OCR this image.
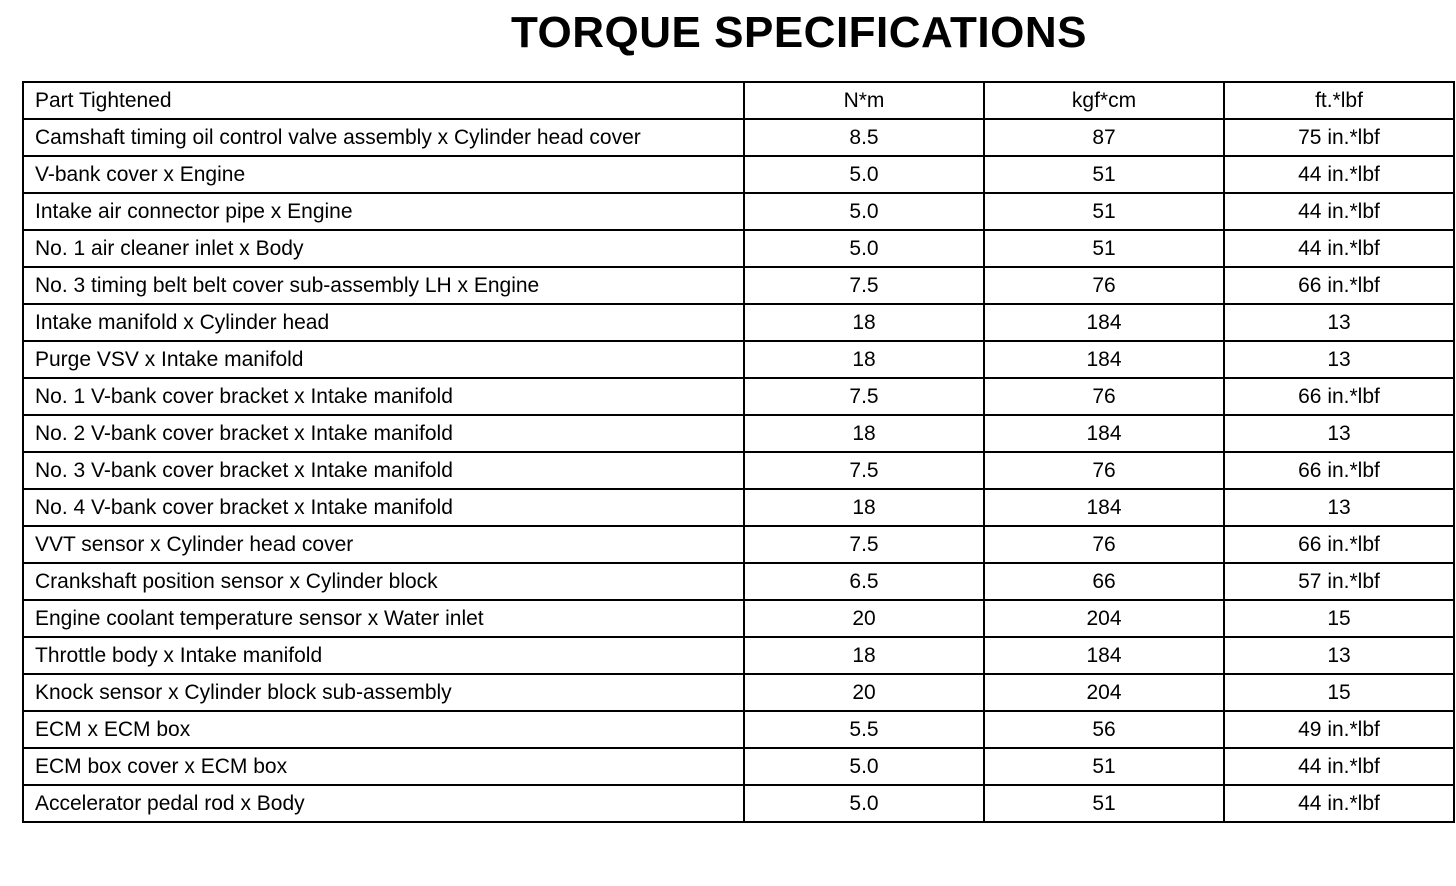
TORQUE SPECIFICATIONS
Part Tightened	N*m	kgf*cm	ft.*lbf
Camshaft timing oil control valve assembly x Cylinder head cover	8.5	87	75 in.*lbf
V-bank cover x Engine	5.0	51	44 in.*lbf
Intake air connector pipe x Engine	5.0	51	44 in.*lbf
No. 1 air cleaner inlet x Body	5.0	51	44 in.*lbf
No. 3 timing belt belt cover sub-assembly LH x Engine	7.5	76	66 in.*lbf
Intake manifold x Cylinder head	18	184	13
Purge VSV x Intake manifold	18	184	13
No. 1 V-bank cover bracket x Intake manifold	7.5	76	66 in.*lbf
No. 2 V-bank cover bracket x Intake manifold	18	184	13
No. 3 V-bank cover bracket x Intake manifold	7.5	76	66 in.*lbf
No. 4 V-bank cover bracket x Intake manifold	18	184	13
VVT sensor x Cylinder head cover	7.5	76	66 in.*lbf
Crankshaft position sensor x Cylinder block	6.5	66	57 in.*lbf
Engine coolant temperature sensor x Water inlet	20	204	15
Throttle body x Intake manifold	18	184	13
Knock sensor x Cylinder block sub-assembly	20	204	15
ECM x ECM box	5.5	56	49 in.*lbf
ECM box cover x ECM box	5.0	51	44 in.*lbf
Accelerator pedal rod x Body	5.0	51	44 in.*lbf
